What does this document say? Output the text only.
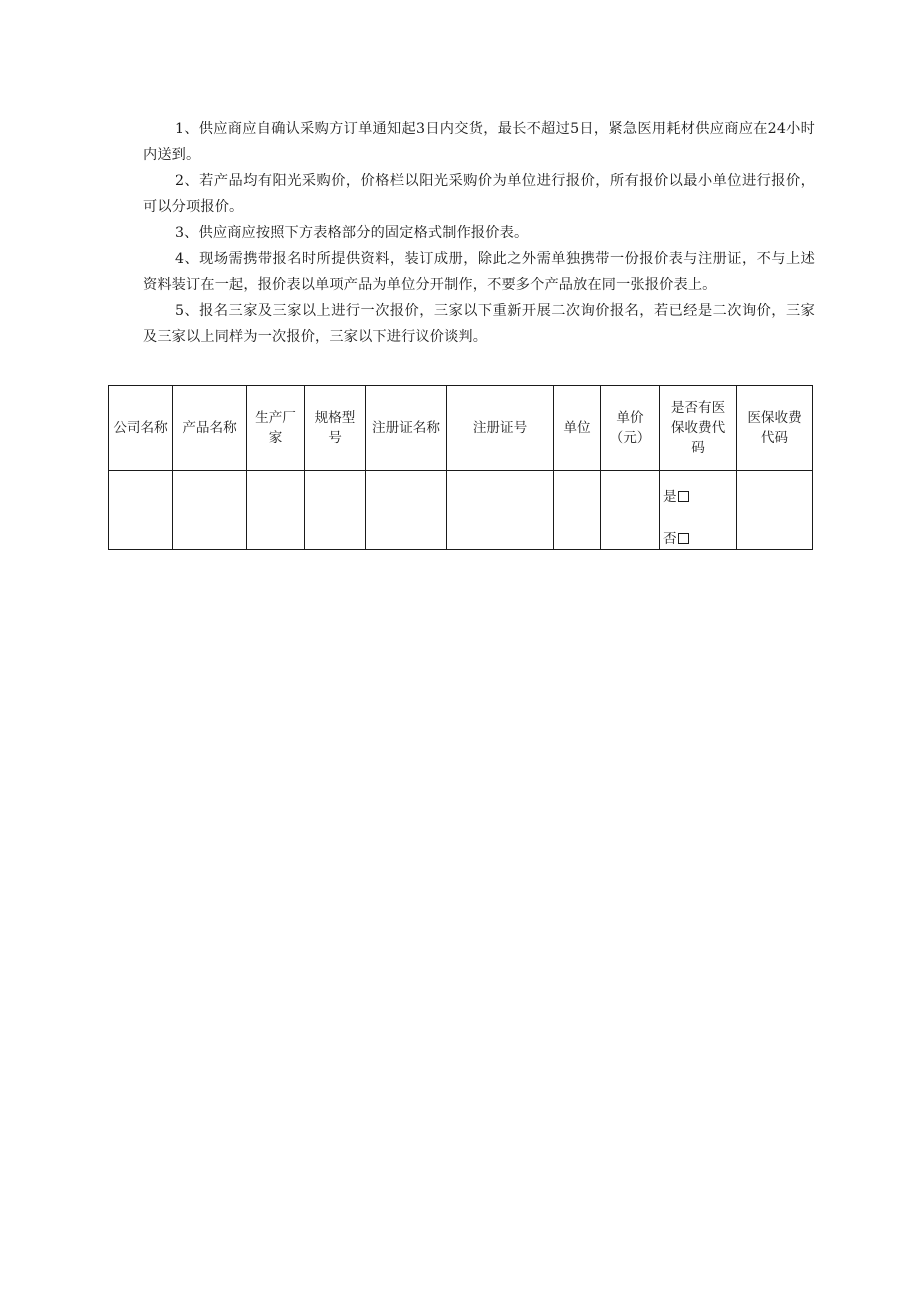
1、供应商应自确认采购方订单通知起3日内交货，最长不超过5日，紧急医用耗材供应商应在24小时内送到。

2、若产品均有阳光采购价，价格栏以阳光采购价为单位进行报价，所有报价以最小单位进行报价，可以分项报价。

3、供应商应按照下方表格部分的固定格式制作报价表。

4、现场需携带报名时所提供资料，装订成册，除此之外需单独携带一份报价表与注册证，不与上述资料装订在一起，报价表以单项产品为单位分开制作，不要多个产品放在同一张报价表上。

5、报名三家及三家以上进行一次报价，三家以下重新开展二次询价报名，若已经是二次询价，三家及三家以上同样为一次报价，三家以下进行议价谈判。

公司名称	产品名称	生产厂家	规格型号	注册证名称	注册证号	单位	单价（元）	是否有医保收费代码	医保收费代码

								是
否	
